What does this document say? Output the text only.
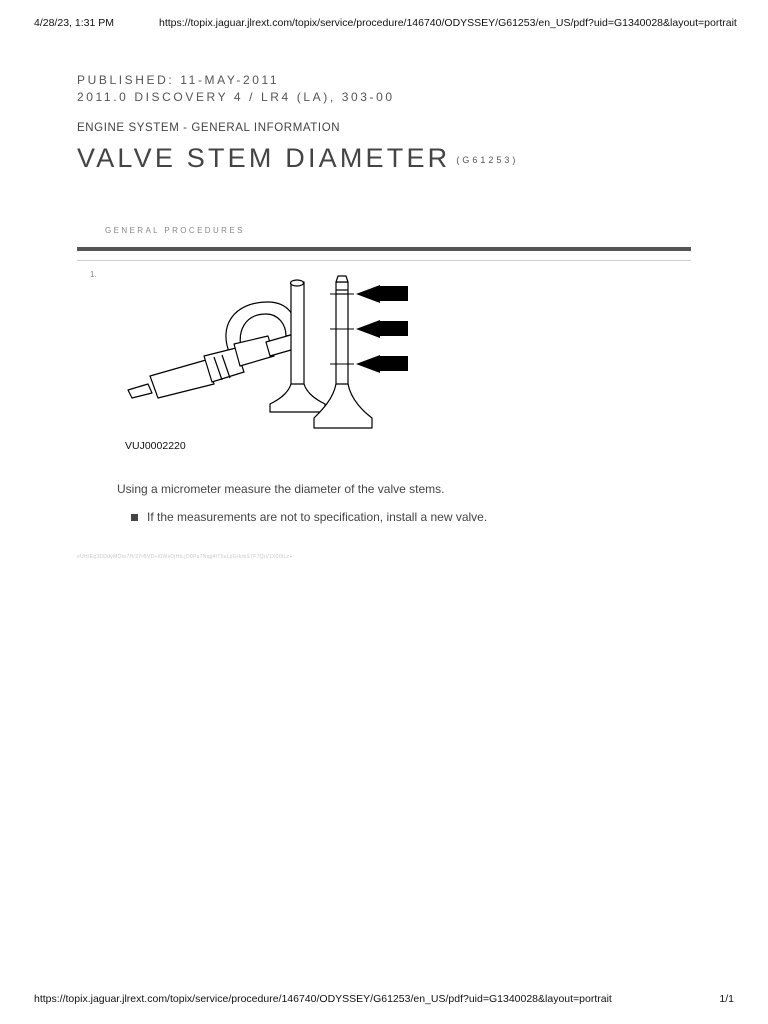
4/28/23, 1:31 PM	https://topix.jaguar.jlrext.com/topix/service/procedure/146740/ODYSSEY/G61253/en_US/pdf?uid=G1340028&layout=portrait
PUBLISHED: 11-MAY-2011
2011.0 DISCOVERY 4 / LR4 (LA), 303-00
ENGINE SYSTEM - GENERAL INFORMATION
VALVE STEM DIAMETER (G61253)
GENERAL PROCEDURES
1.
VUJ0002220
Using a micrometer measure the diameter of the valve stems.
If the measurements are not to specification, install a new valve.
eUH/Eg3DDuyMOIo7H/27rBVD+t0WsDjHtLjO0Pu7Nqg4lT5uLjlG/krbS7F7Qrl/1X0/9Lz+
https://topix.jaguar.jlrext.com/topix/service/procedure/146740/ODYSSEY/G61253/en_US/pdf?uid=G1340028&layout=portrait	1/1
